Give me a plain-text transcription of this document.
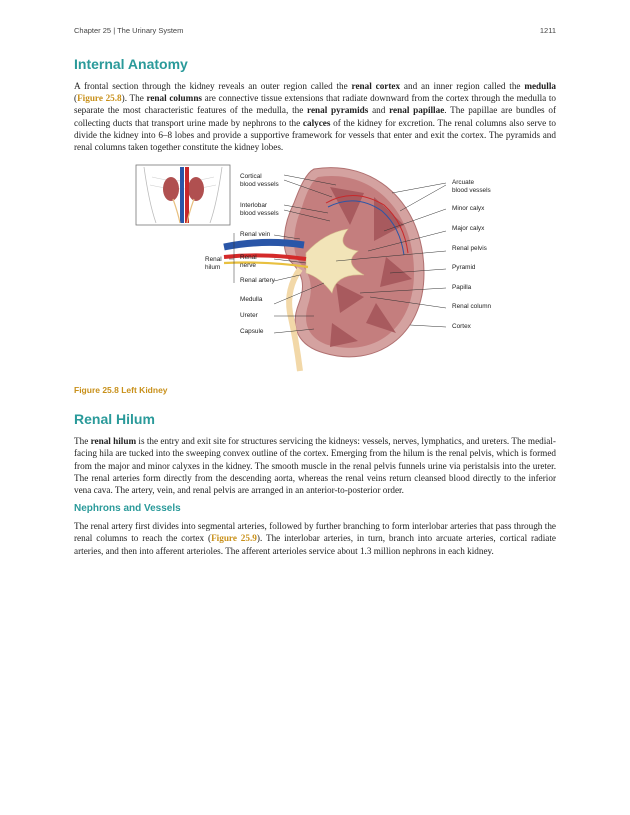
Chapter 25 | The Urinary System	1211
Internal Anatomy

A frontal section through the kidney reveals an outer region called the renal cortex and an inner region called the medulla (Figure 25.8). The renal columns are connective tissue extensions that radiate downward from the cortex through the medulla to separate the most characteristic features of the medulla, the renal pyramids and renal papillae. The papillae are bundles of collecting ducts that transport urine made by nephrons to the calyces of the kidney for excretion. The renal columns also serve to divide the kidney into 6–8 lobes and provide a supportive framework for vessels that enter and exit the cortex. The pyramids and renal columns taken together constitute the kidney lobes.

Cortical
blood vessels
Interlobar
blood vessels
Renal vein
Renal
nerve
Renal
hilum
Renal artery
Medulla
Ureter
Capsule
Arcuate
blood vessels
Minor calyx
Major calyx
Renal pelvis
Pyramid
Papilla
Renal column
Cortex
Figure 25.8 Left Kidney
Renal Hilum

The renal hilum is the entry and exit site for structures servicing the kidneys: vessels, nerves, lymphatics, and ureters. The medial-facing hila are tucked into the sweeping convex outline of the cortex. Emerging from the hilum is the renal pelvis, which is formed from the major and minor calyxes in the kidney. The smooth muscle in the renal pelvis funnels urine via peristalsis into the ureter. The renal arteries form directly from the descending aorta, whereas the renal veins return cleansed blood directly to the inferior vena cava. The artery, vein, and renal pelvis are arranged in an anterior-to-posterior order.

Nephrons and Vessels

The renal artery first divides into segmental arteries, followed by further branching to form interlobar arteries that pass through the renal columns to reach the cortex (Figure 25.9). The interlobar arteries, in turn, branch into arcuate arteries, cortical radiate arteries, and then into afferent arterioles. The afferent arterioles service about 1.3 million nephrons in each kidney.
